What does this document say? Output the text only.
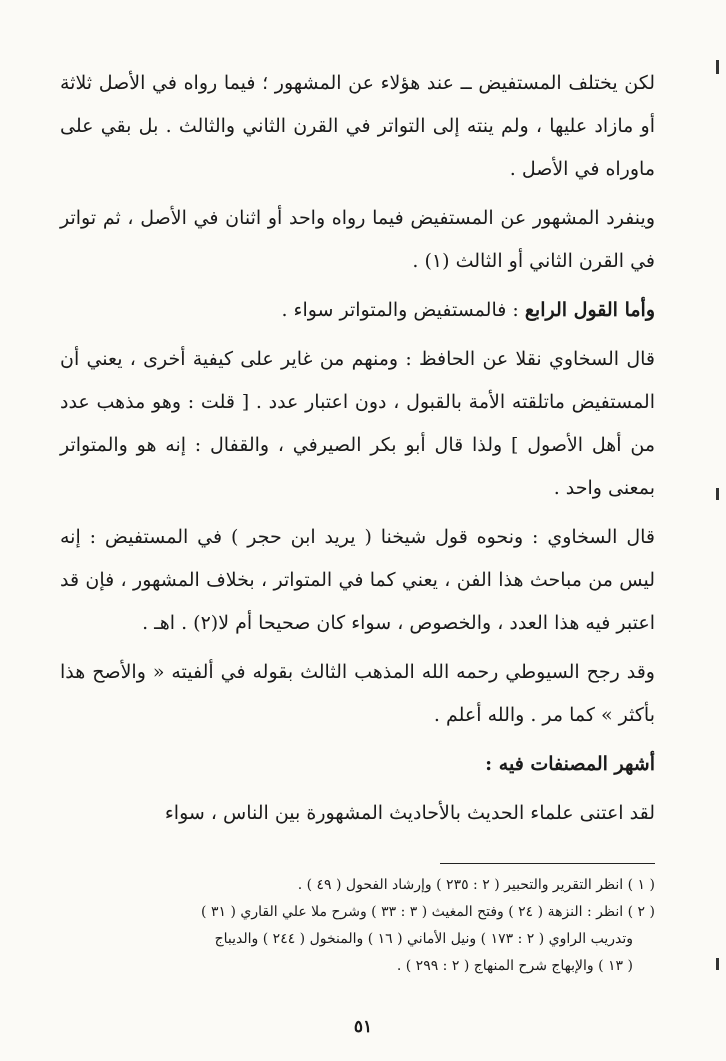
لكن يختلف المستفيض ــ عند هؤلاء عن المشهور ؛ فيما رواه في الأصل ثلاثة أو مازاد عليها ، ولم ينته إلى التواتر في القرن الثاني والثالث . بل بقي على ماوراه في الأصل .

وينفرد المشهور عن المستفيض فيما رواه واحد أو اثنان في الأصل ، ثم تواتر في القرن الثاني أو الثالث (١) .

وأما القول الرابع : فالمستفيض والمتواتر سواء .

قال السخاوي نقلا عن الحافظ : ومنهم من غاير على كيفية أخرى ، يعني أن المستفيض ماتلقته الأمة بالقبول ، دون اعتبار عدد . [ قلت : وهو مذهب عدد من أهل الأصول ] ولذا قال أبو بكر الصيرفي ، والقفال : إنه هو والمتواتر بمعنى واحد .

قال السخاوي : ونحوه قول شيخنا ( يريد ابن حجر ) في المستفيض : إنه ليس من مباحث هذا الفن ، يعني كما في المتواتر ، بخلاف المشهور ، فإن قد اعتبر فيه هذا العدد ، والخصوص ، سواء كان صحيحا أم لا(٢) . اهـ .

وقد رجح السيوطي رحمه الله المذهب الثالث بقوله في ألفيته « والأصح هذا بأكثر » كما مر . والله أعلم .

أشهر المصنفات فيه :

لقد اعتنى علماء الحديث بالأحاديث المشهورة بين الناس ، سواء

( ١ ) انظر التقرير والتحبير ( ٢ : ٢٣٥ ) وإرشاد الفحول ( ٤٩ ) .

( ٢ ) انظر : النزهة ( ٢٤ ) وفتح المغيث ( ٣ : ٣٣ ) وشرح ملا علي القاري ( ٣١ )

وتدريب الراوي ( ٢ : ١٧٣ ) ونيل الأماني ( ١٦ ) والمنخول ( ٢٤٤ ) والديباج

( ١٣ ) والإبهاج شرح المنهاج ( ٢ : ٢٩٩ ) .

٥١
